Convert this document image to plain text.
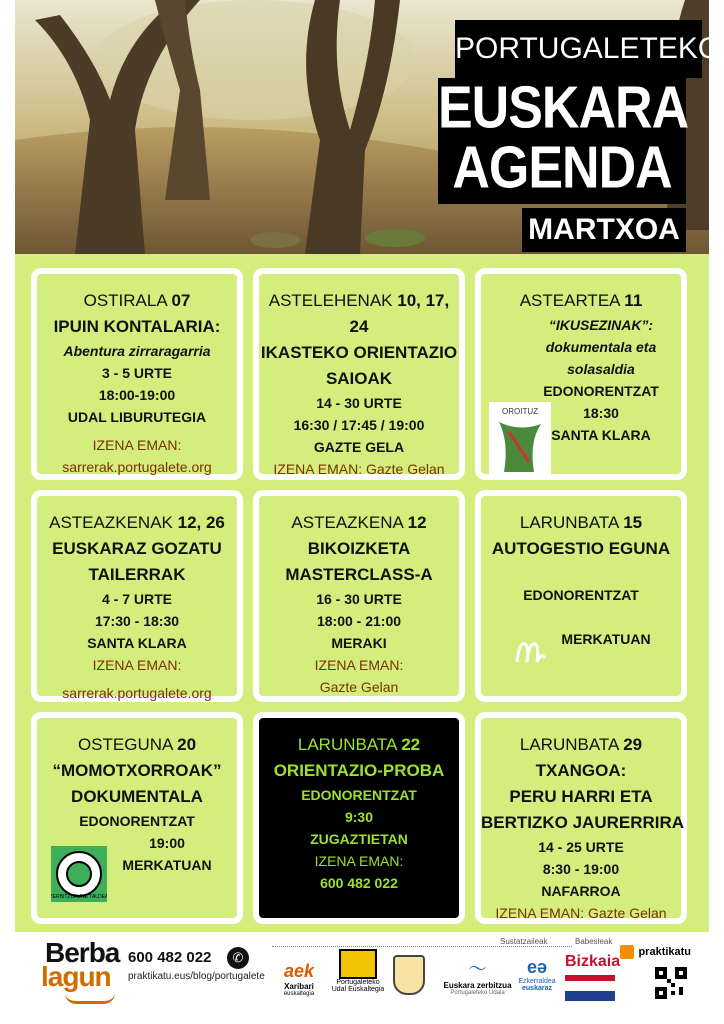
PORTUGALETEKO
EUSKARA
AGENDA
MARTXOA
OSTIRALA 07
IPUIN KONTALARIA:
Abentura zirraragarria
3 - 5 URTE
18:00-19:00
UDAL LIBURUTEGIA
IZENA EMAN:
sarrerak.portugalete.org
ASTELEHENAK 10, 17,
24
IKASTEKO ORIENTAZIO
SAIOAK
14 - 30 URTE
16:30 / 17:45 / 19:00
GAZTE GELA
IZENA EMAN: Gazte Gelan
ASTEARTEA 11
“IKUSEZINAK”:
dokumentala eta
solasaldia
EDONORENTZAT
18:30
SANTA KLARA
OROITUZ
ASTEAZKENAK 12, 26
EUSKARAZ GOZATU
TAILERRAK
4 - 7 URTE
17:30 - 18:30
SANTA KLARA
IZENA EMAN:
sarrerak.portugalete.org
ASTEAZKENA 12
BIKOIZKETA
MASTERCLASS-A
16 - 30 URTE
18:00 - 21:00
MERAKI
IZENA EMAN:
Gazte Gelan
LARUNBATA 15
AUTOGESTIO EGUNA
EDONORENTZAT
MERKATUAN
OSTEGUNA 20
“MOMOTXORROAK”
DOKUMENTALA
EDONORENTZAT
19:00
MERKATUAN
ZERBITZUAUNE TALDEA
LARUNBATA 22
ORIENTAZIO-PROBA
EDONORENTZAT
9:30
ZUGAZTIETAN
IZENA EMAN:
600 482 022
LARUNBATA 29
TXANGOA:
PERU HARRI ETA
BERTIZKO JAURERRIRA
14 - 25 URTE
8:30 - 19:00
NAFARROA
IZENA EMAN: Gazte Gelan
Berba
lagun
600 482 022	✆
praktikatu.eus/blog/portugalete
Sustatzaileak	Babesleak
aek
Xaribari
euskaltegia
Portugaleteko
Udal Euskaltegia
〜
Euskara zerbitzua
Portugaleteko Udala
eə
Ezkerraldea
euskaraz
Bizkaia
praktikatu
